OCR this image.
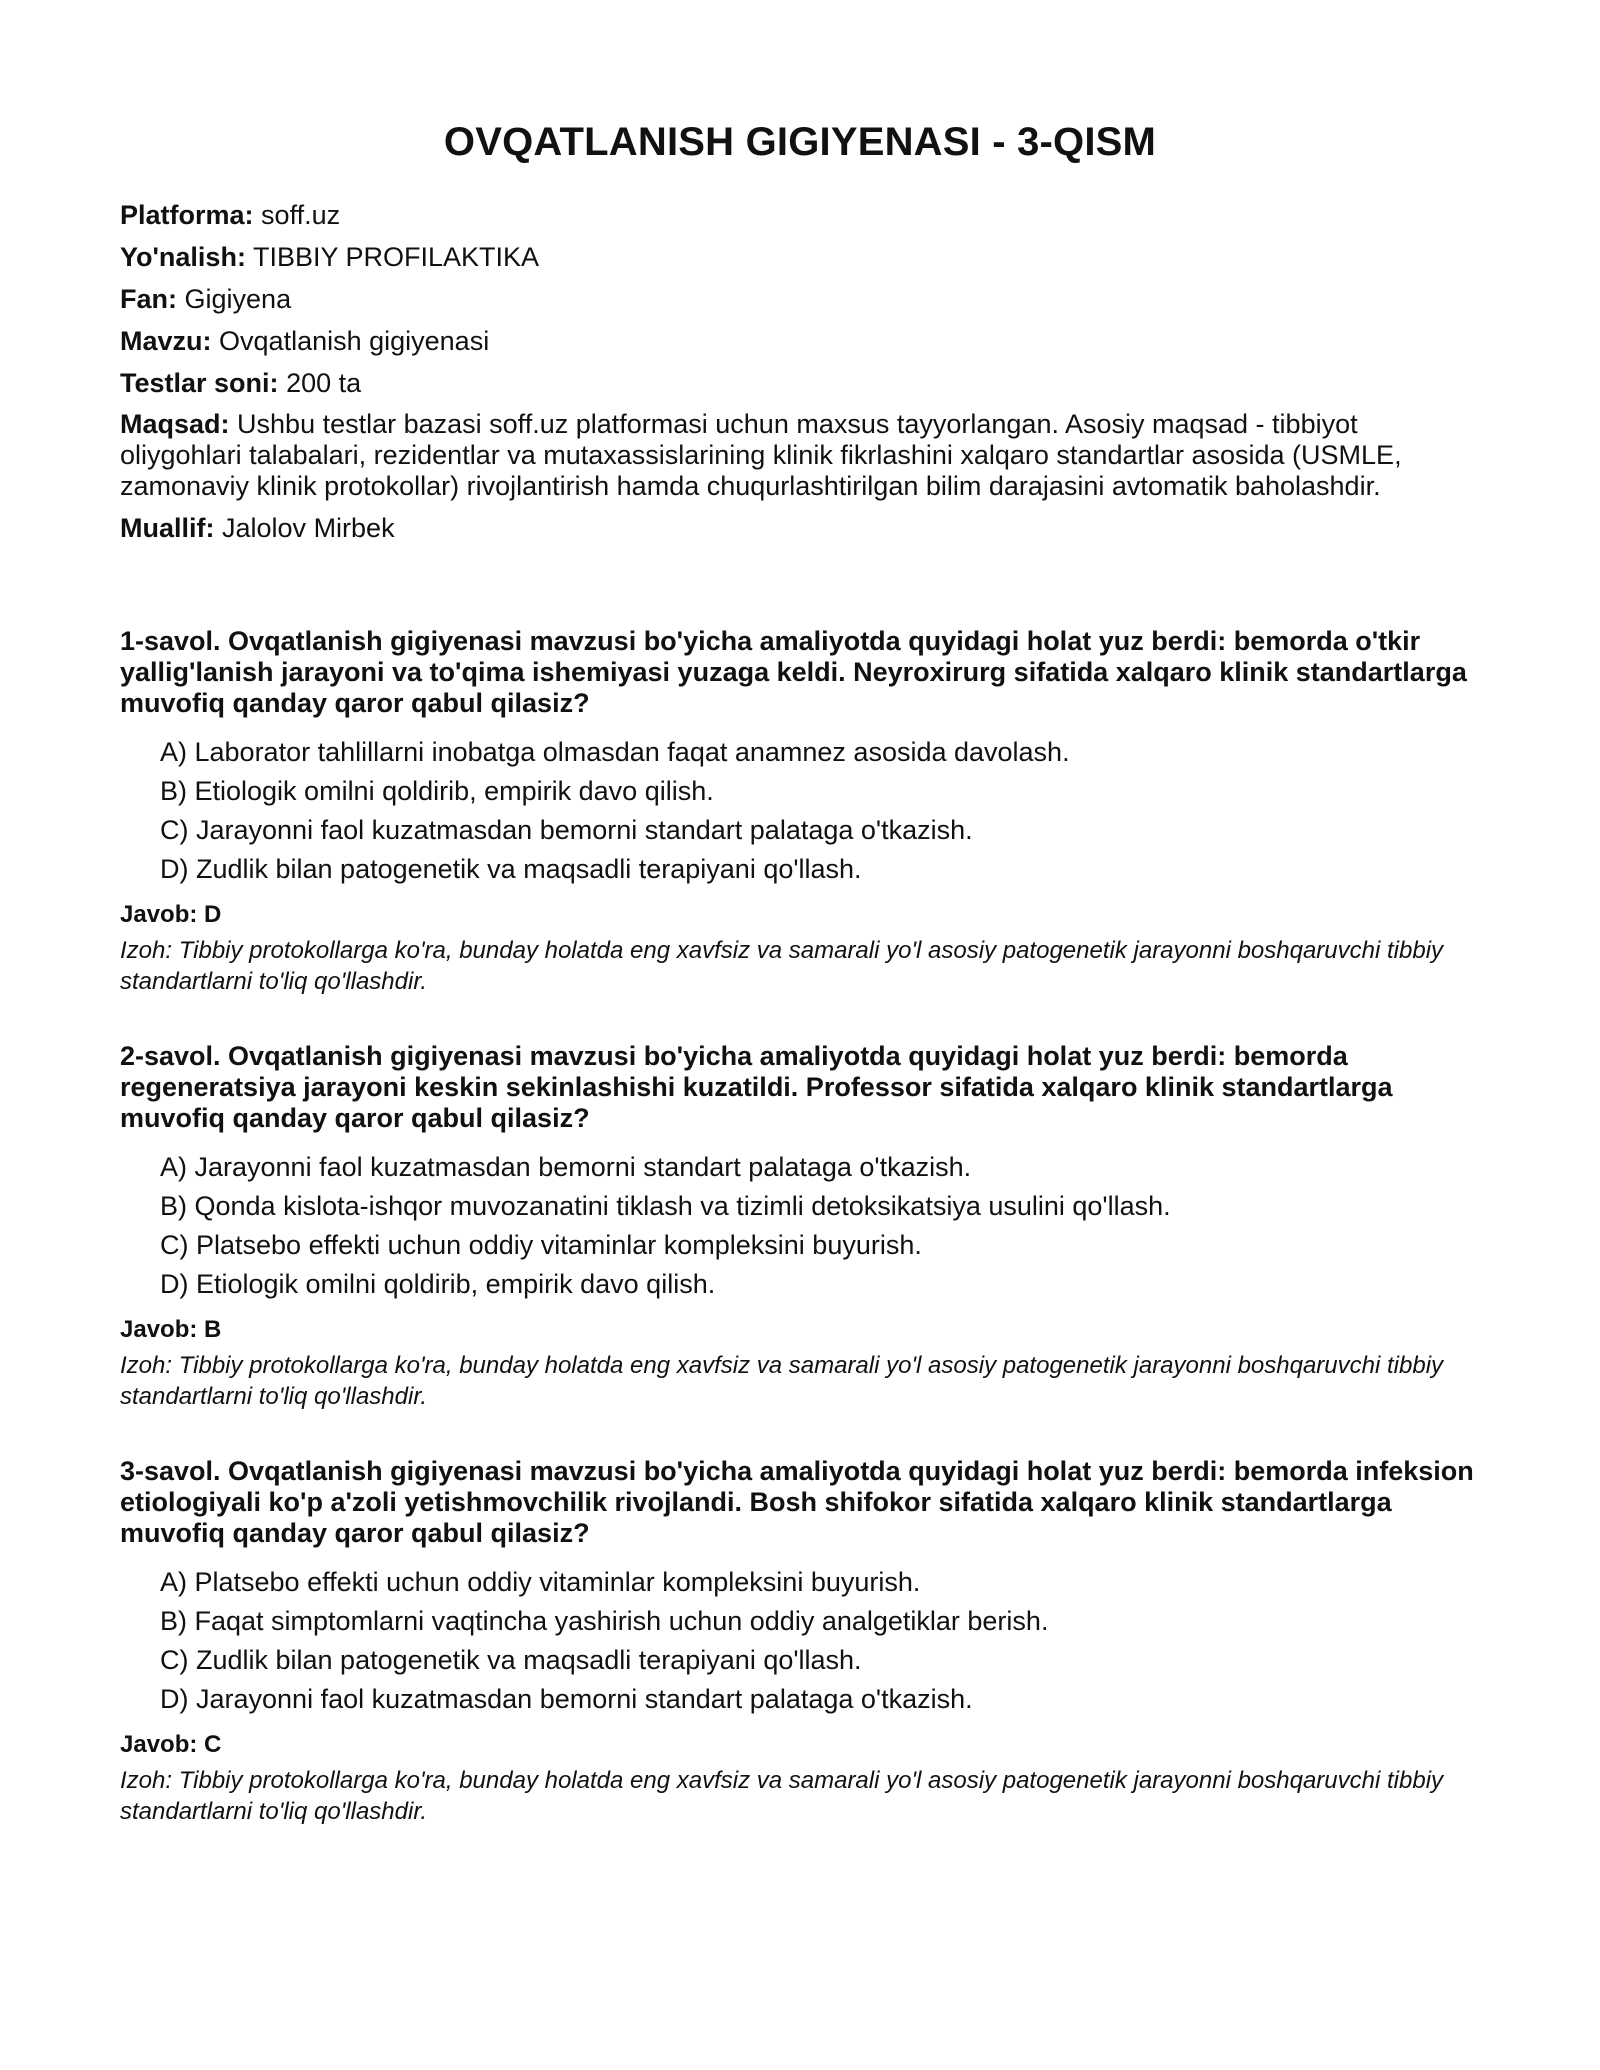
OVQATLANISH GIGIYENASI - 3-QISM

Platforma: soff.uz

Yo'nalish: TIBBIY PROFILAKTIKA

Fan: Gigiyena

Mavzu: Ovqatlanish gigiyenasi

Testlar soni: 200 ta

Maqsad: Ushbu testlar bazasi soff.uz platformasi uchun maxsus tayyorlangan. Asosiy maqsad - tibbiyot oliygohlari talabalari, rezidentlar va mutaxassislarining klinik fikrlashini xalqaro standartlar asosida (USMLE, zamonaviy klinik protokollar) rivojlantirish hamda chuqurlashtirilgan bilim darajasini avtomatik baholashdir.

Muallif: Jalolov Mirbek

1-savol. Ovqatlanish gigiyenasi mavzusi bo'yicha amaliyotda quyidagi holat yuz berdi: bemorda o'tkir yallig'lanish jarayoni va to'qima ishemiyasi yuzaga keldi. Neyroxirurg sifatida xalqaro klinik standartlarga muvofiq qanday qaror qabul qilasiz?

A) Laborator tahlillarni inobatga olmasdan faqat anamnez asosida davolash.
B) Etiologik omilni qoldirib, empirik davo qilish.
C) Jarayonni faol kuzatmasdan bemorni standart palataga o'tkazish.
D) Zudlik bilan patogenetik va maqsadli terapiyani qo'llash.

Javob: D

Izoh: Tibbiy protokollarga ko'ra, bunday holatda eng xavfsiz va samarali yo'l asosiy patogenetik jarayonni boshqaruvchi tibbiy standartlarni to'liq qo'llashdir.

2-savol. Ovqatlanish gigiyenasi mavzusi bo'yicha amaliyotda quyidagi holat yuz berdi: bemorda regeneratsiya jarayoni keskin sekinlashishi kuzatildi. Professor sifatida xalqaro klinik standartlarga muvofiq qanday qaror qabul qilasiz?

A) Jarayonni faol kuzatmasdan bemorni standart palataga o'tkazish.
B) Qonda kislota-ishqor muvozanatini tiklash va tizimli detoksikatsiya usulini qo'llash.
C) Platsebo effekti uchun oddiy vitaminlar kompleksini buyurish.
D) Etiologik omilni qoldirib, empirik davo qilish.

Javob: B

Izoh: Tibbiy protokollarga ko'ra, bunday holatda eng xavfsiz va samarali yo'l asosiy patogenetik jarayonni boshqaruvchi tibbiy standartlarni to'liq qo'llashdir.

3-savol. Ovqatlanish gigiyenasi mavzusi bo'yicha amaliyotda quyidagi holat yuz berdi: bemorda infeksion etiologiyali ko'p a'zoli yetishmovchilik rivojlandi. Bosh shifokor sifatida xalqaro klinik standartlarga muvofiq qanday qaror qabul qilasiz?

A) Platsebo effekti uchun oddiy vitaminlar kompleksini buyurish.
B) Faqat simptomlarni vaqtincha yashirish uchun oddiy analgetiklar berish.
C) Zudlik bilan patogenetik va maqsadli terapiyani qo'llash.
D) Jarayonni faol kuzatmasdan bemorni standart palataga o'tkazish.

Javob: C

Izoh: Tibbiy protokollarga ko'ra, bunday holatda eng xavfsiz va samarali yo'l asosiy patogenetik jarayonni boshqaruvchi tibbiy standartlarni to'liq qo'llashdir.
